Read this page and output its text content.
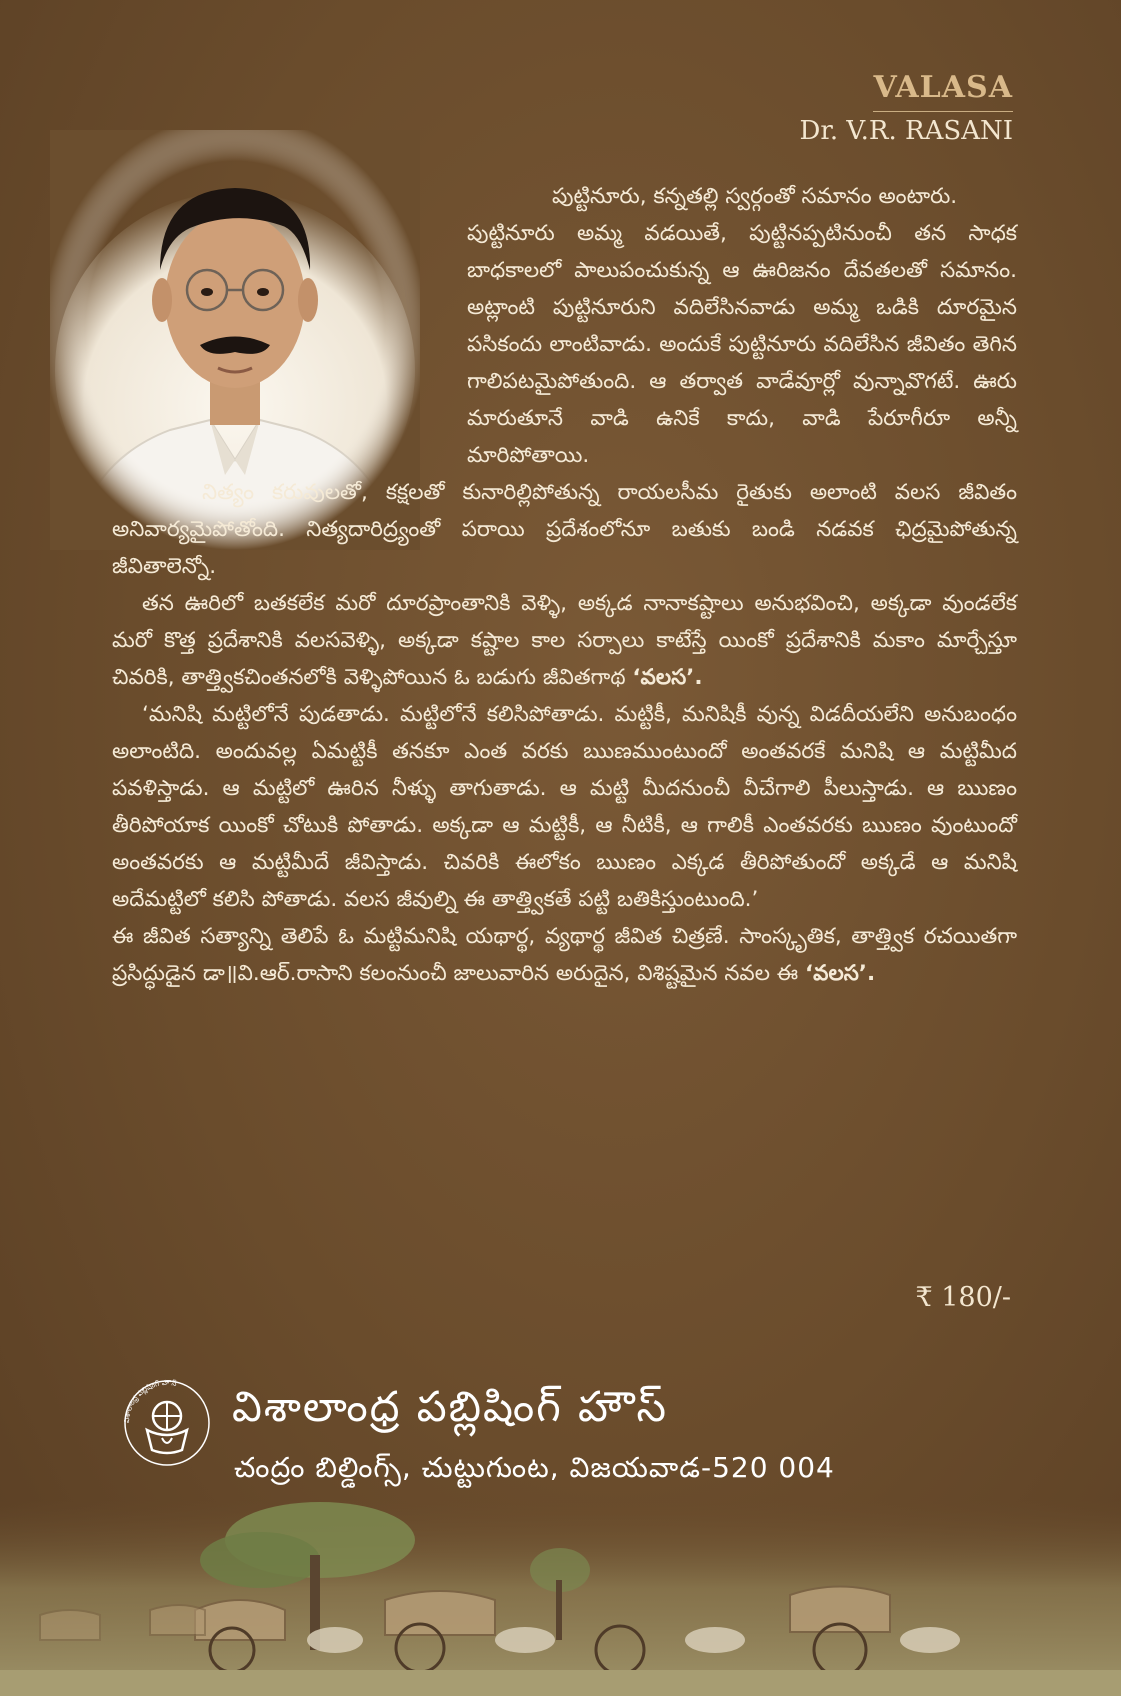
VALASA
Dr. V.R. RASANI

పుట్టినూరు, కన్నతల్లి స్వర్గంతో సమానం అంటారు.

పుట్టినూరు అమ్మ వడయితే, పుట్టినప్పటినుంచీ తన సాధక బాధకాలలో పాలుపంచుకున్న ఆ ఊరిజనం దేవతలతో సమానం. అట్లాంటి పుట్టినూరుని వదిలేసినవాడు అమ్మ ఒడికి దూరమైన పసికందు లాంటివాడు. అందుకే పుట్టినూరు వదిలేసిన జీవితం తెగిన గాలిపటమైపోతుంది. ఆ తర్వాత వాడేవూర్లో వున్నావొగటే. ఊరు మారుతూనే వాడి ఉనికే కాదు, వాడి పేరూగీరూ అన్నీ మారిపోతాయి.

నిత్యం కరువులతో, కక్షలతో కునారిల్లిపోతున్న రాయలసీమ రైతుకు అలాంటి వలస జీవితం అనివార్యమైపోతోంది. నిత్యదారిద్ర్యంతో పరాయి ప్రదేశంలోనూ బతుకు బండి నడవక ఛిద్రమైపోతున్న జీవితాలెన్నో.

తన ఊరిలో బతకలేక మరో దూరప్రాంతానికి వెళ్ళి, అక్కడ నానాకష్టాలు అనుభవించి, అక్కడా వుండలేక మరో కొత్త ప్రదేశానికి వలసవెళ్ళి, అక్కడా కష్టాల కాల సర్పాలు కాటేస్తే యింకో ప్రదేశానికి మకాం మార్చేస్తూ చివరికి, తాత్త్వికచింతనలోకి వెళ్ళిపోయిన ఓ బడుగు జీవితగాథ ‘వలస’.

‘మనిషి మట్టిలోనే పుడతాడు. మట్టిలోనే కలిసిపోతాడు. మట్టికీ, మనిషికీ వున్న విడదీయలేని అనుబంధం అలాంటిది. అందువల్ల ఏమట్టికీ తనకూ ఎంత వరకు ఋణముంటుందో అంతవరకే మనిషి ఆ మట్టిమీద పవళిస్తాడు. ఆ మట్టిలో ఊరిన నీళ్ళు తాగుతాడు. ఆ మట్టి మీదనుంచీ వీచేగాలి పీలుస్తాడు. ఆ ఋణం తీరిపోయాక యింకో చోటుకి పోతాడు. అక్కడా ఆ మట్టికీ, ఆ నీటికీ, ఆ గాలికీ ఎంతవరకు ఋణం వుంటుందో అంతవరకు ఆ మట్టిమీదే జీవిస్తాడు. చివరికి ఈలోకం ఋణం ఎక్కడ తీరిపోతుందో అక్కడే ఆ మనిషి అదేమట్టిలో కలిసి పోతాడు. వలస జీవుల్ని ఈ తాత్త్వికతే పట్టి బతికిస్తుంటుంది.’

ఈ జీవిత సత్యాన్ని తెలిపే ఓ మట్టిమనిషి యథార్థ, వ్యథార్థ జీవిత చిత్రణే. సాంస్కృతిక, తాత్త్విక రచయితగా ప్రసిద్ధుడైన డా॥వి.ఆర్.రాసాని కలంనుంచీ జాలువారిన అరుదైన, విశిష్టమైన నవల ఈ ‘వలస’.

₹ 180/-
విశాలాంధ్ర పబ్లిషింగ్ హౌస్ విశాలాంధ్ర పబ్లిషింగ్ హౌస్
చంద్రం బిల్డింగ్స్, చుట్టుగుంట, విజయవాడ-520 004
